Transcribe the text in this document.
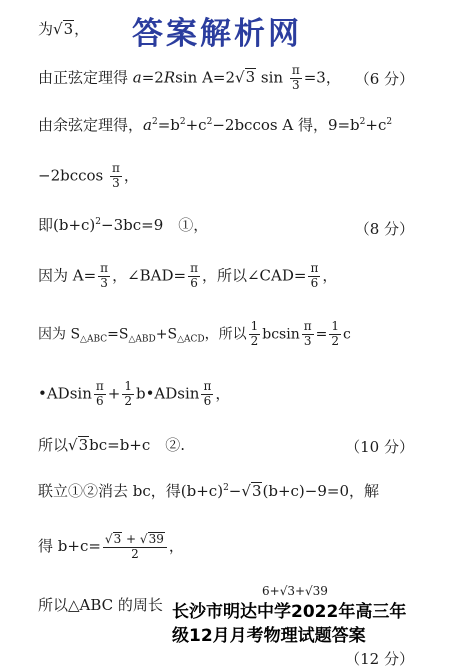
答案解析网
为√3，
由正弦定理得 a=2Rsin A=2√3 $\sin \frac{\pi}{3} =3$， （6 分）
由余弦定理得，$a^2=b^2+c^2-2bccos$ A 得，$9=b^2+c^2$
$-2bccos \frac{\pi}{3}$ ，
即$(b+c)^2-3bc=9$　①，	（8 分）
因为 $A= \frac{\pi}{3}$ ，∠BAD= $\frac{\pi}{6}$ ，所以∠CAD= $\frac{\pi}{6}$ ，
因为 $S_{\triangle ABC}=S_{\triangle ABD}+S_{\triangle ACD}$，所以 $\frac{1}{2}$ bcsin $\frac{\pi}{3} = \frac{1}{2}$ c
•ADsin $\frac{\pi}{6} + \frac{1}{2}$ b•ADsin $\frac{\pi}{6}$ ，
所以√3bc=b+c　②.	（10 分）
联立①②消去 bc，得$(b+c)^2-√3(b+c)-9=0$，解
得 $b+c= \frac{√3 + √39}{2}$ ，
所以△ABC 的周长
6+√3+√39
（12 分）
长沙市明达中学2022年高三年
级12月月考物理试题答案
